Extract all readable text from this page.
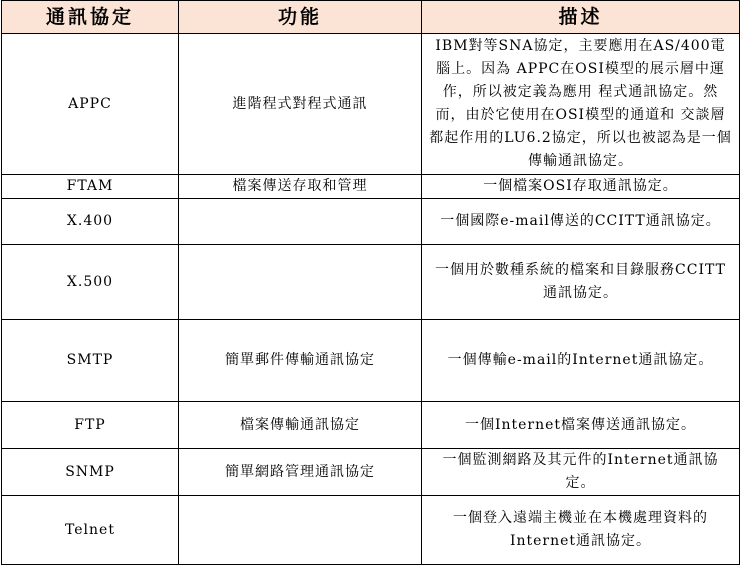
通訊協定	功能	描述
APPC	進階程式對程式通訊	IBM對等SNA協定，主要應用在AS/400電腦上。因為 APPC在OSI模型的展示層中運作，所以被定義為應用 程式通訊協定。然而，由於它使用在OSI模型的通道和 交談層都起作用的LU6.2協定，所以也被認為是一個傳輸通訊協定。
FTAM	檔案傳送存取和管理	一個檔案OSI存取通訊協定。
X.400		一個國際e-mail傳送的CCITT通訊協定。
X.500		一個用於數種系統的檔案和目錄服務CCITT通訊協定。
SMTP	簡單郵件傳輸通訊協定	一個傳輸e-mail的Internet通訊協定。
FTP	檔案傳輸通訊協定	一個Internet檔案傳送通訊協定。
SNMP	簡單網路管理通訊協定	一個監測網路及其元件的Internet通訊協定。
Telnet		一個登入遠端主機並在本機處理資料的Internet通訊協定。
